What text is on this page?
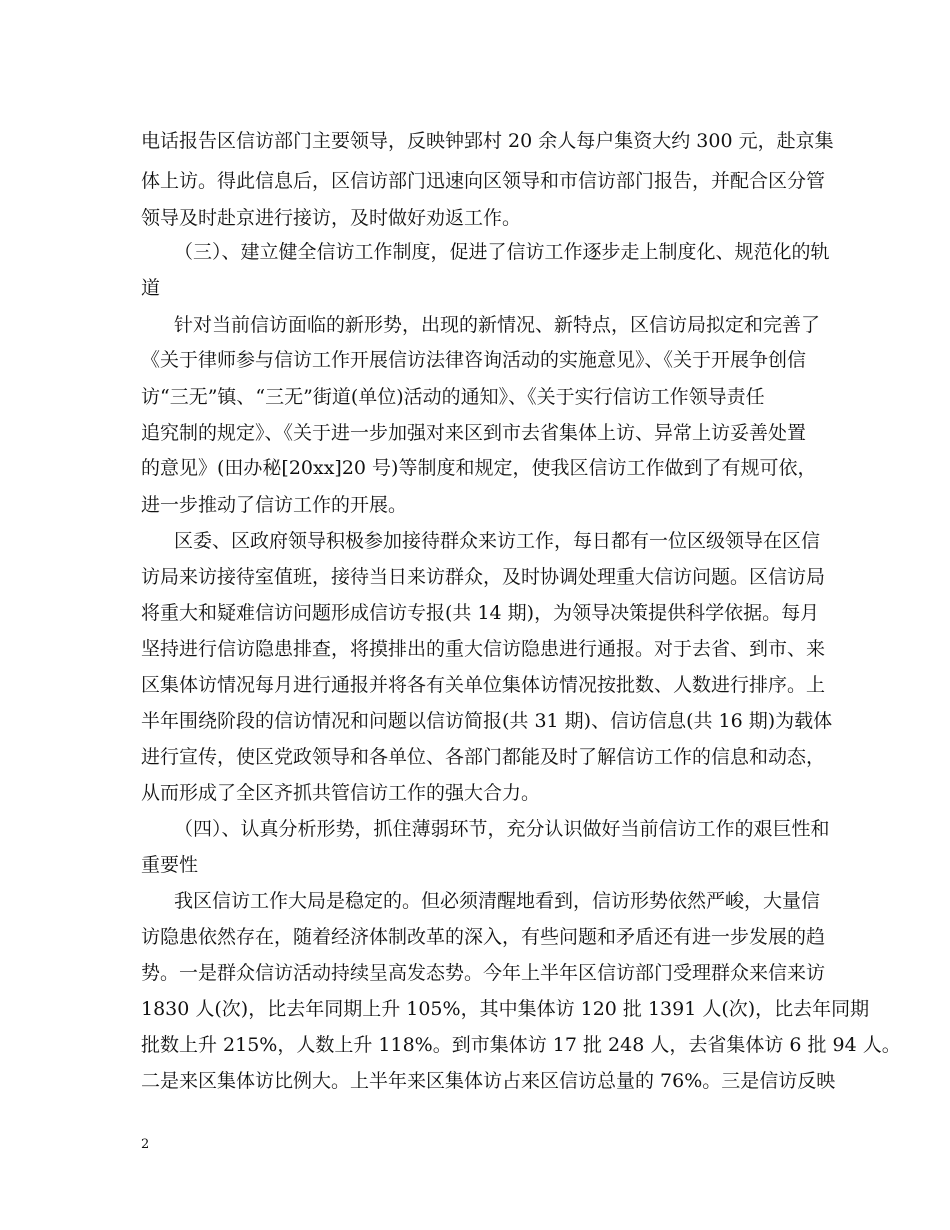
电话报告区信访部门主要领导，反映钟郢村 20 余人每户集资大约 300 元，赴京集
体上访。得此信息后，区信访部门迅速向区领导和市信访部门报告，并配合区分管
领导及时赴京进行接访，及时做好劝返工作。
（三）、建立健全信访工作制度，促进了信访工作逐步走上制度化、规范化的轨
道
针对当前信访面临的新形势，出现的新情况、新特点，区信访局拟定和完善了
《关于律师参与信访工作开展信访法律咨询活动的实施意见》、《关于开展争创信
访“三无”镇、“三无”街道(单位)活动的通知》、《关于实行信访工作领导责任
追究制的规定》、《关于进一步加强对来区到市去省集体上访、异常上访妥善处置
的意见》(田办秘[20xx]20 号)等制度和规定，使我区信访工作做到了有规可依，
进一步推动了信访工作的开展。
区委、区政府领导积极参加接待群众来访工作，每日都有一位区级领导在区信
访局来访接待室值班，接待当日来访群众，及时协调处理重大信访问题。区信访局
将重大和疑难信访问题形成信访专报(共 14 期)，为领导决策提供科学依据。每月
坚持进行信访隐患排查，将摸排出的重大信访隐患进行通报。对于去省、到市、来
区集体访情况每月进行通报并将各有关单位集体访情况按批数、人数进行排序。上
半年围绕阶段的信访情况和问题以信访简报(共 31 期)、信访信息(共 16 期)为载体
进行宣传，使区党政领导和各单位、各部门都能及时了解信访工作的信息和动态，
从而形成了全区齐抓共管信访工作的强大合力。
（四）、认真分析形势，抓住薄弱环节，充分认识做好当前信访工作的艰巨性和
重要性
我区信访工作大局是稳定的。但必须清醒地看到，信访形势依然严峻，大量信
访隐患依然存在，随着经济体制改革的深入，有些问题和矛盾还有进一步发展的趋
势。一是群众信访活动持续呈高发态势。今年上半年区信访部门受理群众来信来访
1830 人(次)，比去年同期上升 105%，其中集体访 120 批 1391 人(次)，比去年同期
批数上升 215%，人数上升 118%。到市集体访 17 批 248 人，去省集体访 6 批 94 人。
二是来区集体访比例大。上半年来区集体访占来区信访总量的 76%。三是信访反映
2
